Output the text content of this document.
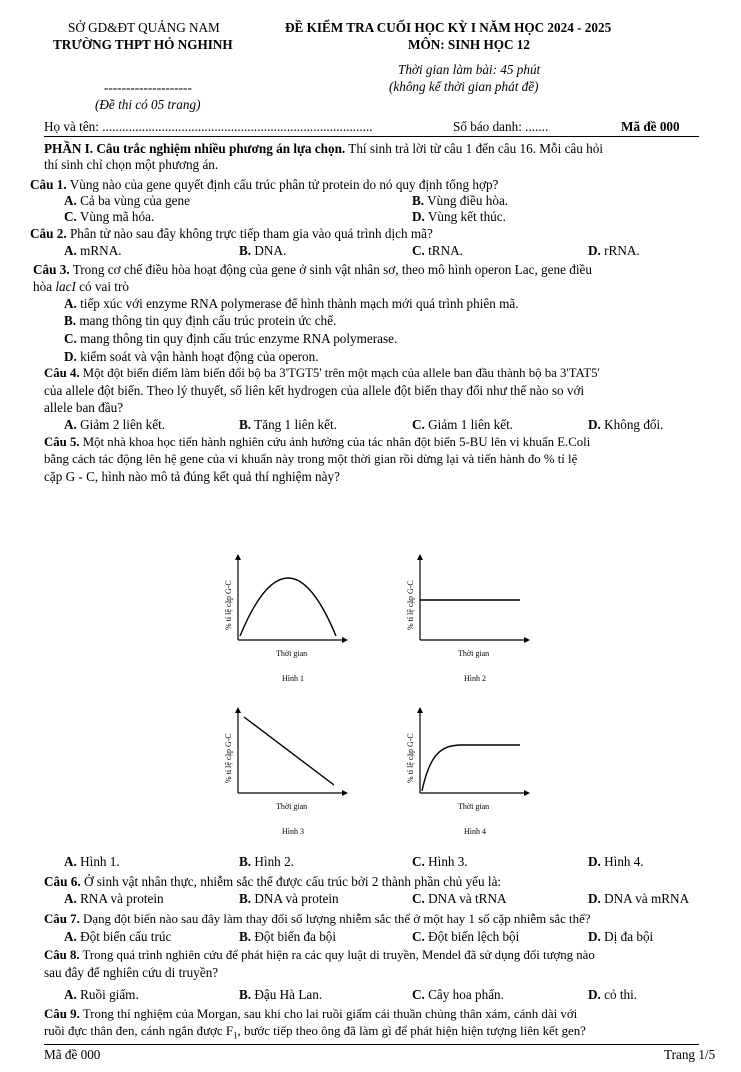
SỞ GD&ĐT QUẢNG NAM
TRƯỜNG THPT HỎ NGHINH
--------------------
(Đề thi có 05 trang)
ĐỀ KIỂM TRA CUỐI HỌC KỲ I NĂM HỌC 2024 - 2025
MÔN: SINH HỌC 12
Thời gian làm bài: 45 phút
(không kể thời gian phát đề)
Họ và tên: ..................................................................................	Số báo danh: .......	Mã đề 000
PHẦN I. Câu trắc nghiệm nhiều phương án lựa chọn. Thí sinh trả lời từ câu 1 đến câu 16. Mỗi câu hỏi
thí sinh chỉ chọn một phương án.
Câu 1. Vùng nào của gene quyết định cấu trúc phân tử protein do nó quy định tổng hợp?
A. Cả ba vùng của gene	B. Vùng điều hòa.
C. Vùng mã hóa.	D. Vùng kết thúc.
Câu 2. Phân tử nào sau đây không trực tiếp tham gia vào quá trình dịch mã?
A. mRNA.	B. DNA.	C. tRNA.	D. rRNA.
Câu 3. Trong cơ chế điều hòa hoạt động của gene ở sinh vật nhân sơ, theo mô hình operon Lac, gene điều
hòa lacI có vai trò
A. tiếp xúc với enzyme RNA polymerase để hình thành mạch mới quá trình phiên mã.
B. mang thông tin quy định cấu trúc protein ức chế.
C. mang thông tin quy định cấu trúc enzyme RNA polymerase.
D. kiểm soát và vận hành hoạt động của operon.
Câu 4. Một đột biến điểm làm biến đổi bộ ba 3'TGT5' trên một mạch của allele ban đầu thành bộ ba 3'TAT5'
của allele đột biến. Theo lý thuyết, số liên kết hydrogen của allele đột biến thay đổi như thế nào so với
allele ban đầu?
A. Giảm 2 liên kết.	B. Tăng 1 liên kết.	C. Giảm 1 liên kết.	D. Không đổi.
Câu 5. Một nhà khoa học tiến hành nghiên cứu ảnh hưởng của tác nhân đột biến 5-BU lên vi khuẩn E.Coli
bằng cách tác động lên hệ gene của vi khuẩn này trong một thời gian rồi dừng lại và tiến hành đo % tỉ lệ
cặp G - C, hình nào mô tả đúng kết quả thí nghiệm này?
% tỉ lệ cặp G-C
Thời gian
Hình 1
% tỉ lệ cặp G-C
Thời gian
Hình 2
% tỉ lệ cặp G-C
Thời gian
Hình 3
% tỉ lệ cặp G-C
Thời gian
Hình 4
A. Hình 1.	B. Hình 2.	C. Hình 3.	D. Hình 4.
Câu 6. Ở sinh vật nhân thực, nhiễm sắc thể được cấu trúc bởi 2 thành phần chủ yếu là:
A. RNA và protein	B. DNA và protein	C. DNA và tRNA	D. DNA và mRNA
Câu 7. Dạng đột biến nào sau đây làm thay đổi số lượng nhiễm sắc thể ở một hay 1 số cặp nhiễm sắc thể?
A. Đột biến cấu trúc	B. Đột biến đa bội	C. Đột biến lệch bội	D. Dị đa bội
Câu 8. Trong quá trình nghiên cứu để phát hiện ra các quy luật di truyền, Mendel đã sử dụng đối tượng nào
sau đây để nghiên cứu di truyền?
A. Ruồi giấm.	B. Đậu Hà Lan.	C. Cây hoa phấn.	D. cỏ thi.
Câu 9. Trong thí nghiệm của Morgan, sau khi cho lai ruồi giấm cái thuần chủng thân xám, cánh dài với
ruồi đực thân đen, cánh ngắn được $F_1$, bước tiếp theo ông đã làm gì để phát hiện hiện tượng liên kết gen?
Mã đề 000	Trang 1/5
